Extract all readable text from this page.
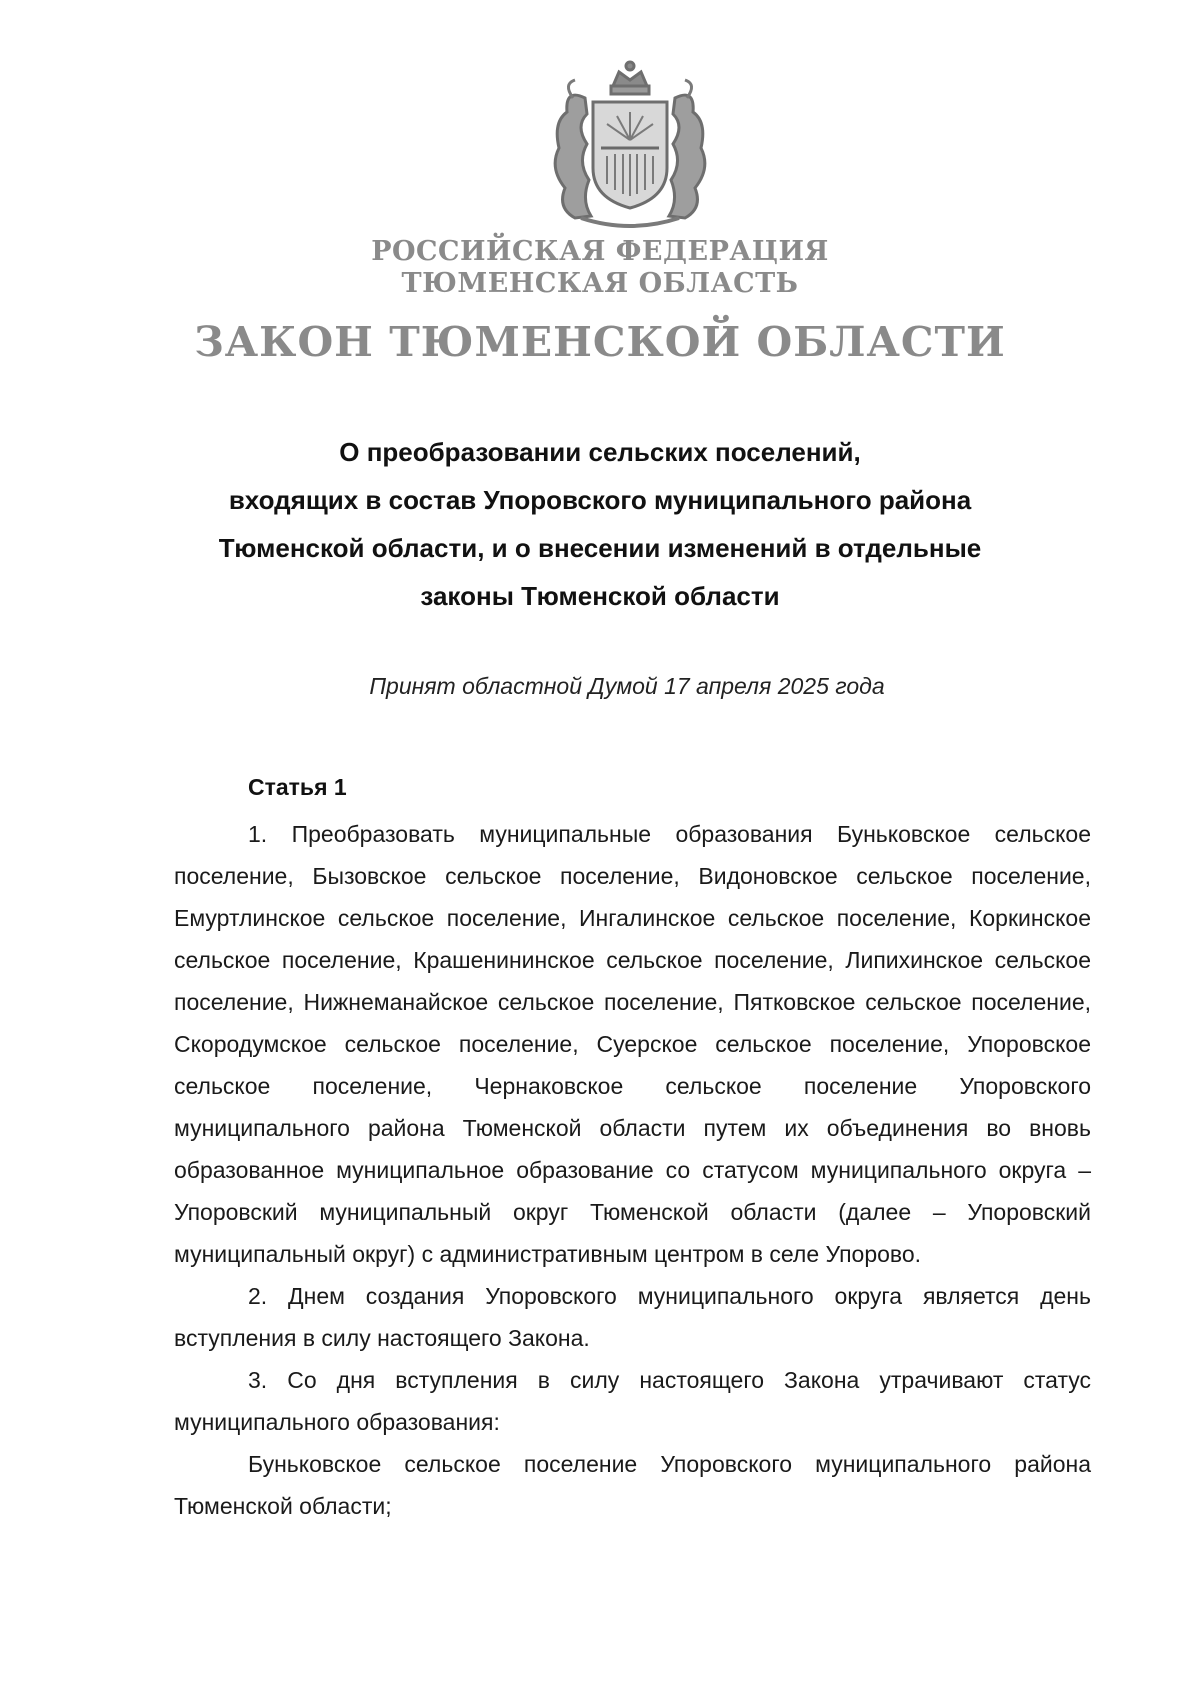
РОССИЙСКАЯ ФЕДЕРАЦИЯ
ТЮМЕНСКАЯ ОБЛАСТЬ
ЗАКОН ТЮМЕНСКОЙ ОБЛАСТИ
О преобразовании сельских поселений,
входящих в состав Упоровского муниципального района
Тюменской области, и о внесении изменений в отдельные
законы Тюменской области
Принят областной Думой 17 апреля 2025 года
Статья 1

1. Преобразовать муниципальные образования Буньковское сельское поселение, Бызовское сельское поселение, Видоновское сельское поселение, Емуртлинское сельское поселение, Ингалинское сельское поселение, Коркинское сельское поселение, Крашенининское сельское поселение, Липихинское сельское поселение, Нижнеманайское сельское поселение, Пятковское сельское поселение, Скородумское сельское поселение, Суерское сельское поселение, Упоровское сельское поселение, Чернаковское сельское поселение Упоровского муниципального района Тюменской области путем их объединения во вновь образованное муниципальное образование со статусом муниципального округа – Упоровский муниципальный округ Тюменской области (далее – Упоровский муниципальный округ) с административным центром в селе Упорово.

2. Днем создания Упоровского муниципального округа является день вступления в силу настоящего Закона.

3. Со дня вступления в силу настоящего Закона утрачивают статус муниципального образования:

Буньковское сельское поселение Упоровского муниципального района Тюменской области;
